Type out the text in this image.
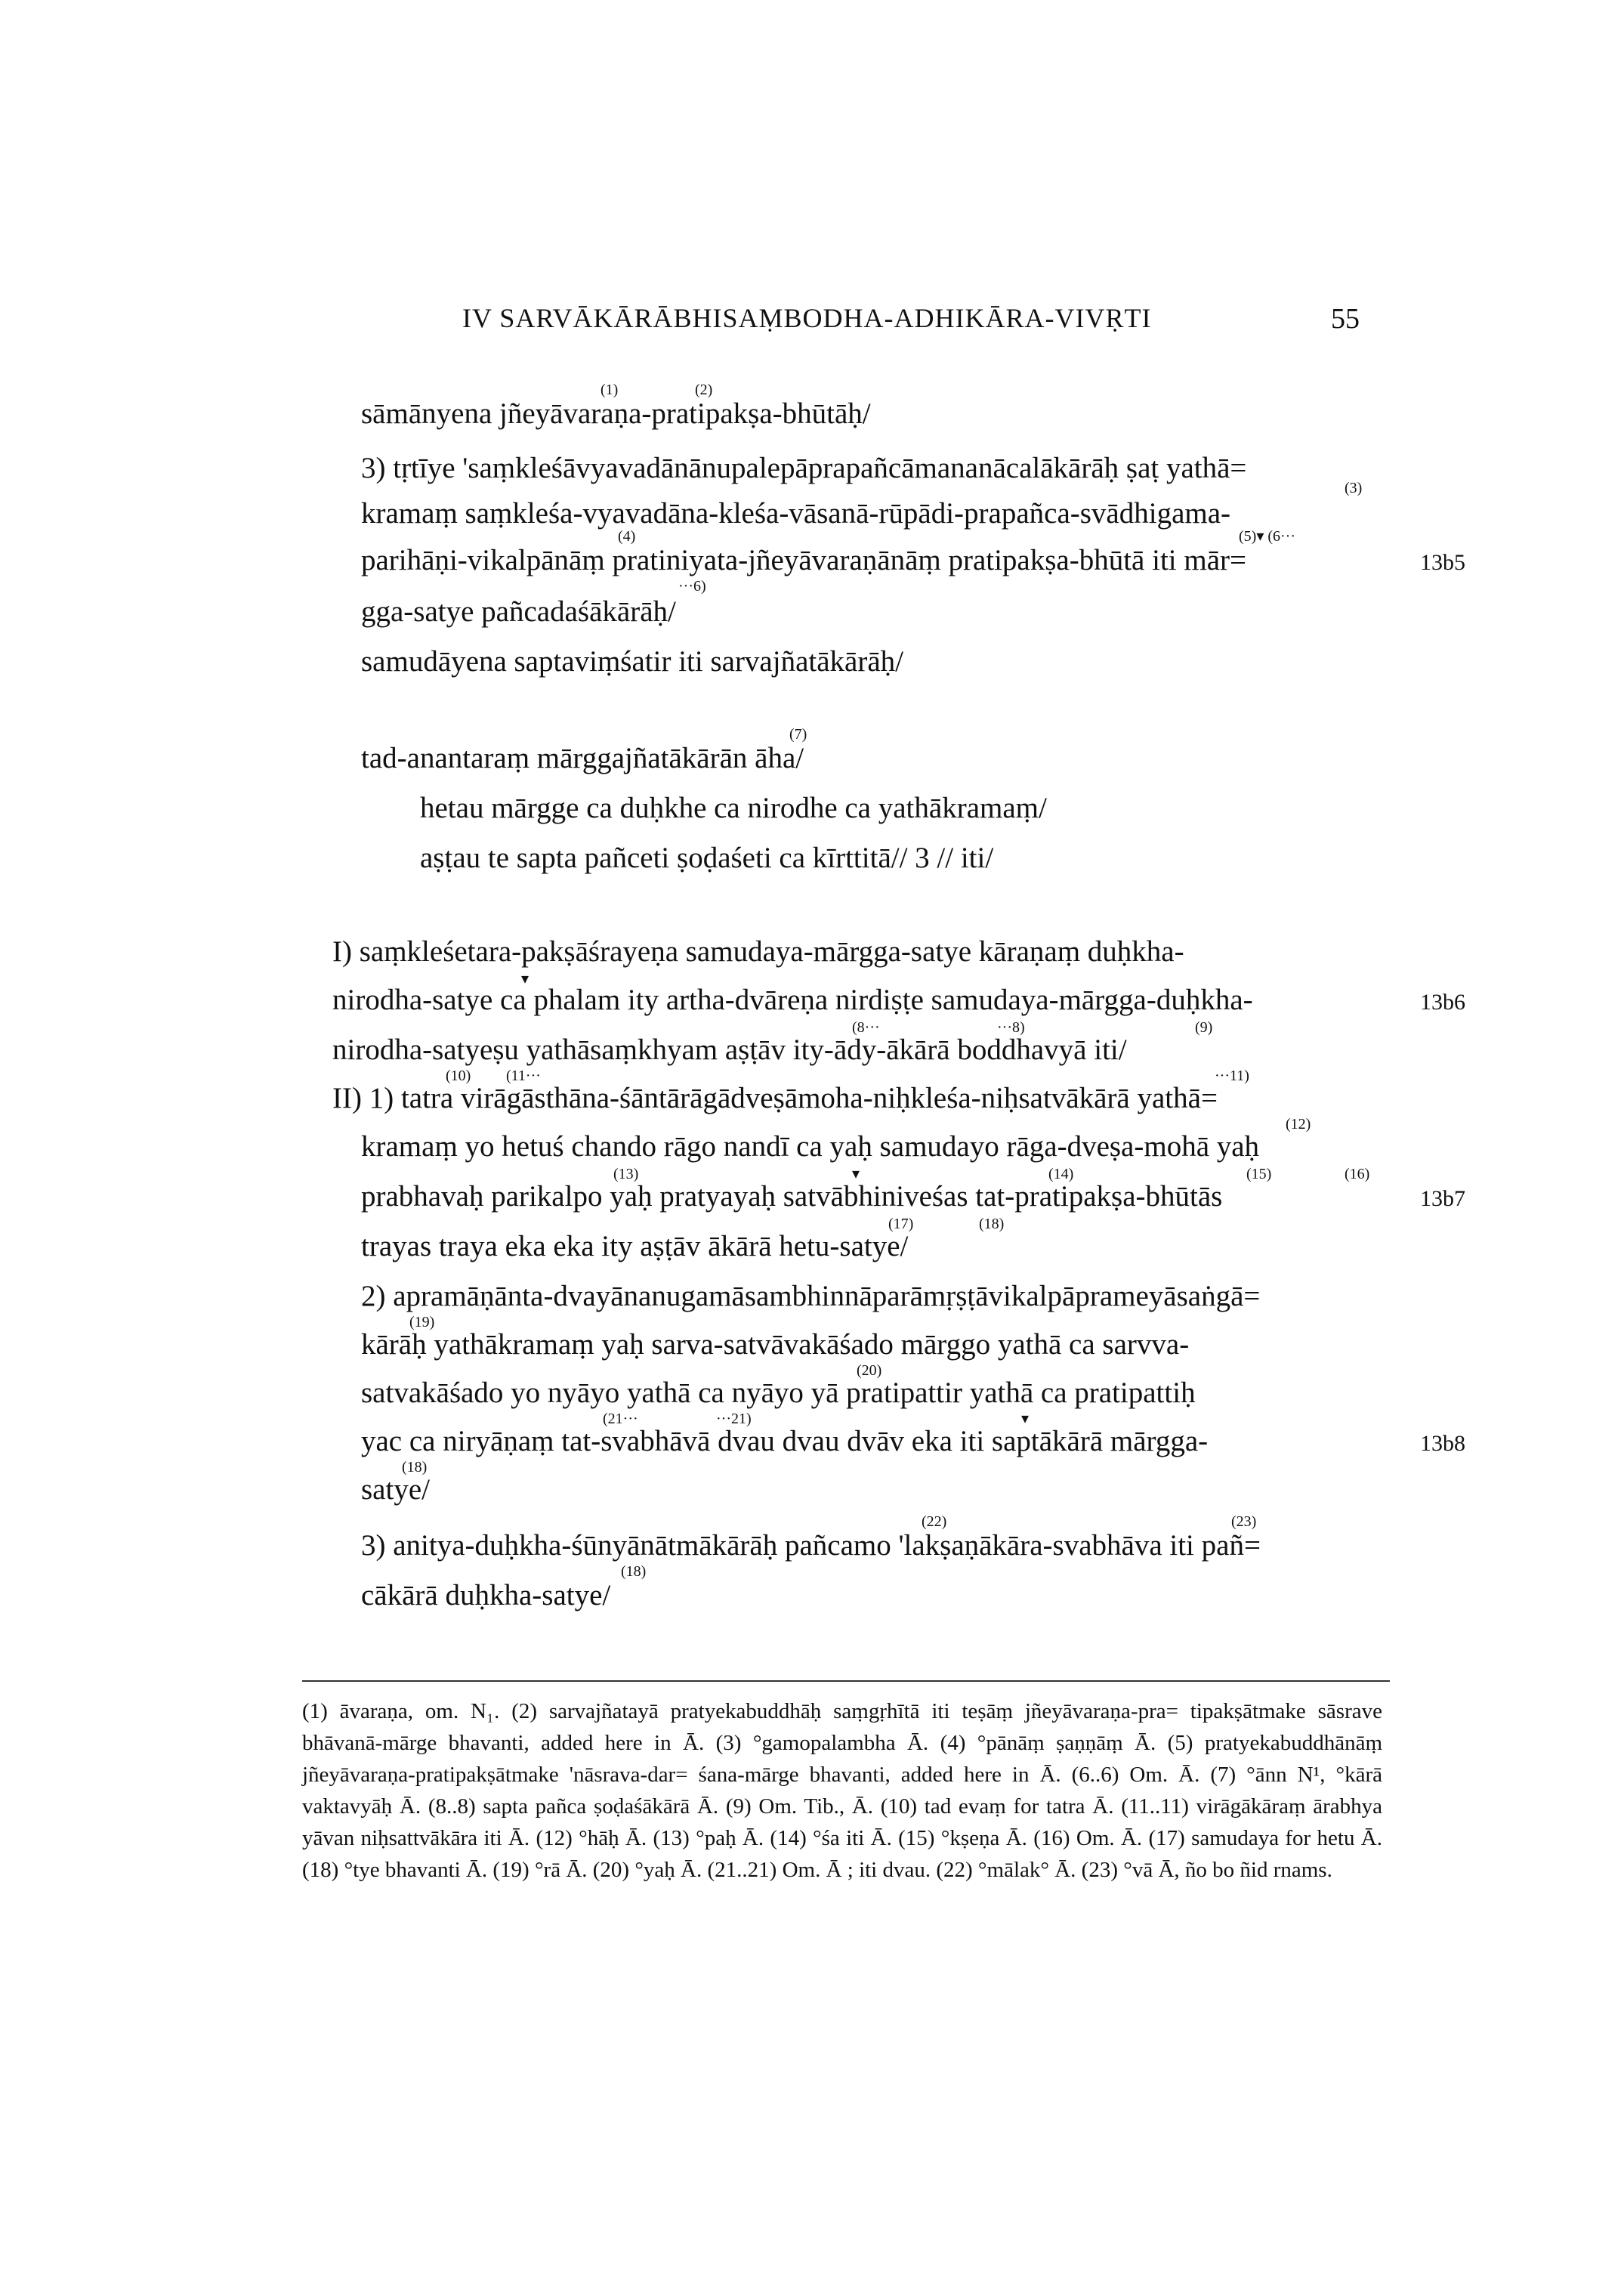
IV SARVĀKĀRĀBHISAṂBODHA-ADHIKĀRA-VIVṚTI	55
sāmānyena jñeyāvaraṇa-pratipakṣa-bhūtāḥ/
3) tṛtīye 'saṃkleśāvyavadānānupalepāprapañcāmananācalākārāḥ ṣaṭ yathā=
kramaṃ saṃkleśa-vyavadāna-kleśa-vāsanā-rūpādi-prapañca-svādhigama-
parihāṇi-vikalpānāṃ pratiniyata-jñeyāvaraṇānāṃ pratipakṣa-bhūtā iti mār=
gga-satye pañcadaśākārāḥ/
samudāyena saptaviṃśatir iti sarvajñatākārāḥ/
tad-anantaraṃ mārggajñatākārān āha/
hetau mārgge ca duḥkhe ca nirodhe ca yathākramaṃ/
aṣṭau te sapta pañceti ṣoḍaśeti ca kīrttitā// 3 // iti/
I) saṃkleśetara-pakṣāśrayeṇa samudaya-mārgga-satye kāraṇaṃ duḥkha-
nirodha-satye ca phalam ity artha-dvāreṇa nirdiṣṭe samudaya-mārgga-duḥkha-
nirodha-satyeṣu yathāsaṃkhyam aṣṭāv ity-ādy-ākārā boddhavyā iti/
II) 1) tatra virāgāsthāna-śāntārāgādveṣāmoha-niḥkleśa-niḥsatvākārā yathā=
kramaṃ yo hetuś chando rāgo nandī ca yaḥ samudayo rāga-dveṣa-mohā yaḥ
prabhavaḥ parikalpo yaḥ pratyayaḥ satvābhiniveśas tat-pratipakṣa-bhūtās
trayas traya eka eka ity aṣṭāv ākārā hetu-satye/
2) apramāṇānta-dvayānanugamāsambhinnāparāmṛṣṭāvikalpāprameyāsaṅgā=
kārāḥ yathākramaṃ yaḥ sarva-satvāvakāśado mārggo yathā ca sarvva-
satvakāśado yo nyāyo yathā ca nyāyo yā pratipattir yathā ca pratipattiḥ
yac ca niryāṇaṃ tat-svabhāvā dvau dvau dvāv eka iti saptākārā mārgga-
satye/
3) anitya-duḥkha-śūnyānātmākārāḥ pañcamo 'lakṣaṇākāra-svabhāva iti pañ=
cākārā duḥkha-satye/
(1)	(2)
(3)
(4)	(5)▾ (6···
···6)
(7)
▾
(8···	···8)	(9)
(10) (11···	···11)
(12)
(13)	▾	(14)	(15)	(16)
(17)	(18)
(19)
(20)
(21···	···21)	▾
(18)
(22)	(23)
(18)
13b5
13b6
13b7
13b8
(1) āvaraṇa, om. N₁. (2) sarvajñatayā pratyekabuddhāḥ saṃgṛhītā iti teṣāṃ jñeyāvaraṇa-pra= tipakṣātmake sāsrave bhāvanā-mārge bhavanti, added here in Ā. (3) °gamopalambha Ā. (4) °pānāṃ ṣaṇṇāṃ Ā. (5) pratyekabuddhānāṃ jñeyāvaraṇa-pratipakṣātmake 'nāsrava-dar= śana-mārge bhavanti, added here in Ā. (6..6) Om. Ā. (7) °ānn N¹, °kārā vaktavyāḥ Ā. (8..8) sapta pañca ṣoḍaśākārā Ā. (9) Om. Tib., Ā. (10) tad evaṃ for tatra Ā. (11..11) virāgākāraṃ ārabhya yāvan niḥsattvākāra iti Ā. (12) °hāḥ Ā. (13) °paḥ Ā. (14) °śa iti Ā. (15) °kṣeṇa Ā. (16) Om. Ā. (17) samudaya for hetu Ā. (18) °tye bhavanti Ā. (19) °rā Ā. (20) °yaḥ Ā. (21..21) Om. Ā ; iti dvau. (22) °mālak° Ā. (23) °vā Ā, ño bo ñid rnams.
